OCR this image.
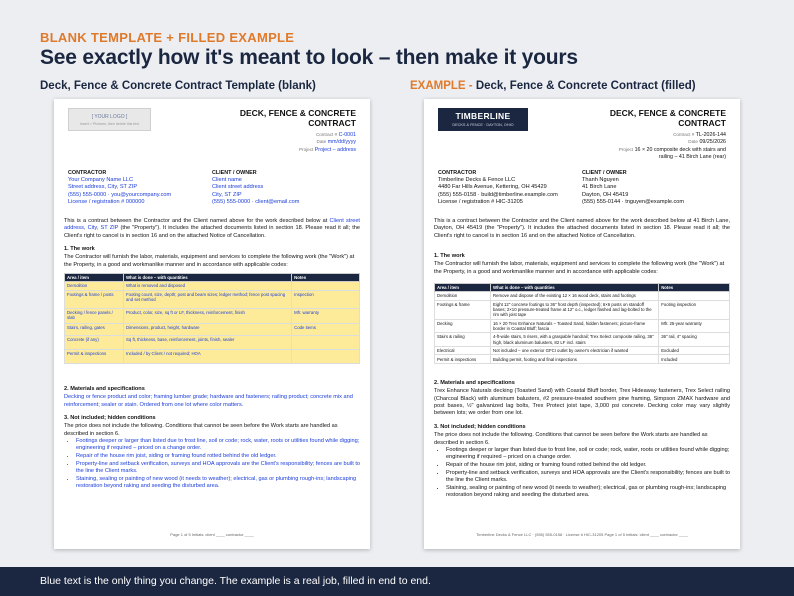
BLANK TEMPLATE + FILLED EXAMPLE
See exactly how it's meant to look – then make it yours
Deck, Fence & Concrete Contract Template (blank)	EXAMPLE - Deck, Fence & Concrete Contract (filled)
[ YOUR LOGO ]
Insert > Pictures, then delete this text
DECK, FENCE & CONCRETE
CONTRACT
Contract # C-0001
Date mm/dd/yyyy
Project Project – address
CONTRACTOR
Your Company Name LLC
Street address, City, ST ZIP
(555) 555-0000 · you@yourcompany.com
License / registration # 000000
CLIENT / OWNER
Client name
Client street address
City, ST ZIP
(555) 555-0000 · client@email.com
This is a contract between the Contractor and the Client named above for the work described below at Client street address, City, ST ZIP (the "Property"). It includes the attached documents listed in section 18. Please read it all; the Client's right to cancel is in section 16 and on the attached Notice of Cancellation.
1. The work
The Contractor will furnish the labor, materials, equipment and services to complete the following work (the "Work") at the Property, in a good and workmanlike manner and in accordance with applicable codes:
Area / item	What is done – with quantities	Notes
Demolition	What is removed and disposed	
Footings & frame / posts	Footing count, size, depth; post and beam sizes; ledger method; fence post spacing and set method	Inspection
Decking / fence panels / slab	Product, color, size, sq ft or LF, thickness, reinforcement, finish	Mfr. warranty
Stairs, railing, gates	Dimensions, product, height, hardware	Code items
Concrete (if any)	Sq ft, thickness, base, reinforcement, joints, finish, sealer	
Permit & inspections	Included / by Client / not required; HOA	
2. Materials and specifications
Decking or fence product and color; framing lumber grade; hardware and fasteners; railing product; concrete mix and reinforcement; sealer or stain. Ordered from one lot where color matters.
3. Not included; hidden conditions
The price does not include the following. Conditions that cannot be seen before the Work starts are handled as described in section 6.
• Footings deeper or larger than listed due to frost line, soil or code; rock, water, roots or utilities found while digging; engineering if required – priced on a change order.
• Repair of the house rim joist, siding or framing found rotted behind the old ledger.
• Property-line and setback verification, surveys and HOA approvals are the Client's responsibility; fences are built to the line the Client marks.
• Staining, sealing or painting of new wood (it needs to weather); electrical, gas or plumbing rough-ins; landscaping restoration beyond raking and seeding the disturbed area.
Page 1 of 5 Initials: client ____ contractor ____
TIMBERLINE
DECKS & FENCE · DAYTON, OHIO
DECK, FENCE & CONCRETE
CONTRACT
Contract # TL-2026-144
Date 09/25/2026
Project 16 × 20 composite deck with stairs and
railing – 41 Birch Lane (rear)
CONTRACTOR
Timberline Decks & Fence LLC
4480 Far Hills Avenue, Kettering, OH 45429
(555) 555-0158 · build@timberline.example.com
License / registration # HIC-31205
CLIENT / OWNER
Thanh Nguyen
41 Birch Lane
Dayton, OH 45419
(555) 555-0144 · tnguyen@example.com
This is a contract between the Contractor and the Client named above for the work described below at 41 Birch Lane, Dayton, OH 45419 (the "Property"). It includes the attached documents listed in section 18. Please read it all; the Client's right to cancel is in section 16 and on the attached Notice of Cancellation.
1. The work
The Contractor will furnish the labor, materials, equipment and services to complete the following work (the "Work") at the Property, in a good and workmanlike manner and in accordance with applicable codes:
Area / item	What is done – with quantities	Notes
Demolition	Remove and dispose of the existing 12 × 16 wood deck, stairs and footings	
Footings & frame	Eight 12" concrete footings to 36" frost depth (inspected); 6×6 posts on standoff bases; 2×10 pressure-treated frame at 12" o.c., ledger flashed and lag-bolted to the rim with joist tape	Footing inspection
Decking	16 × 20 Trex Enhance Naturals – Toasted Sand, hidden fasteners; picture-frame border in Coastal Bluff; fascia	Mfr. 25-year warranty
Stairs & railing	4-ft-wide stairs, 5 risers, with a graspable handrail; Trex Select composite railing, 36" high, black aluminum balusters, 82 LF incl. stairs	36" rail, 4" spacing
Electrical	Not included – one exterior GFCI outlet by owner's electrician if wanted	Excluded
Permit & inspections	Building permit, footing and final inspections	Included
2. Materials and specifications
Trex Enhance Naturals decking (Toasted Sand) with Coastal Bluff border, Trex Hideaway fasteners, Trex Select railing (Charcoal Black) with aluminum balusters, #2 pressure-treated southern pine framing, Simpson ZMAX hardware and post bases, ½" galvanized lag bolts, Trex Protect joist tape, 3,000 psi concrete. Decking color may vary slightly between lots; we order from one lot.
3. Not included; hidden conditions
The price does not include the following. Conditions that cannot be seen before the Work starts are handled as described in section 6.
• Footings deeper or larger than listed due to frost line, soil or code; rock, water, roots or utilities found while digging; engineering if required – priced on a change order.
• Repair of the house rim joist, siding or framing found rotted behind the old ledger.
• Property-line and setback verification, surveys and HOA approvals are the Client's responsibility; fences are built to the line the Client marks.
• Staining, sealing or painting of new wood (it needs to weather); electrical, gas or plumbing rough-ins; landscaping restoration beyond raking and seeding the disturbed area.
Timberline Decks & Fence LLC · (555) 555-0158 · License # HIC-31205 Page 1 of 5 Initials: client ____ contractor ____
Blue text is the only thing you change. The example is a real job, filled in end to end.
